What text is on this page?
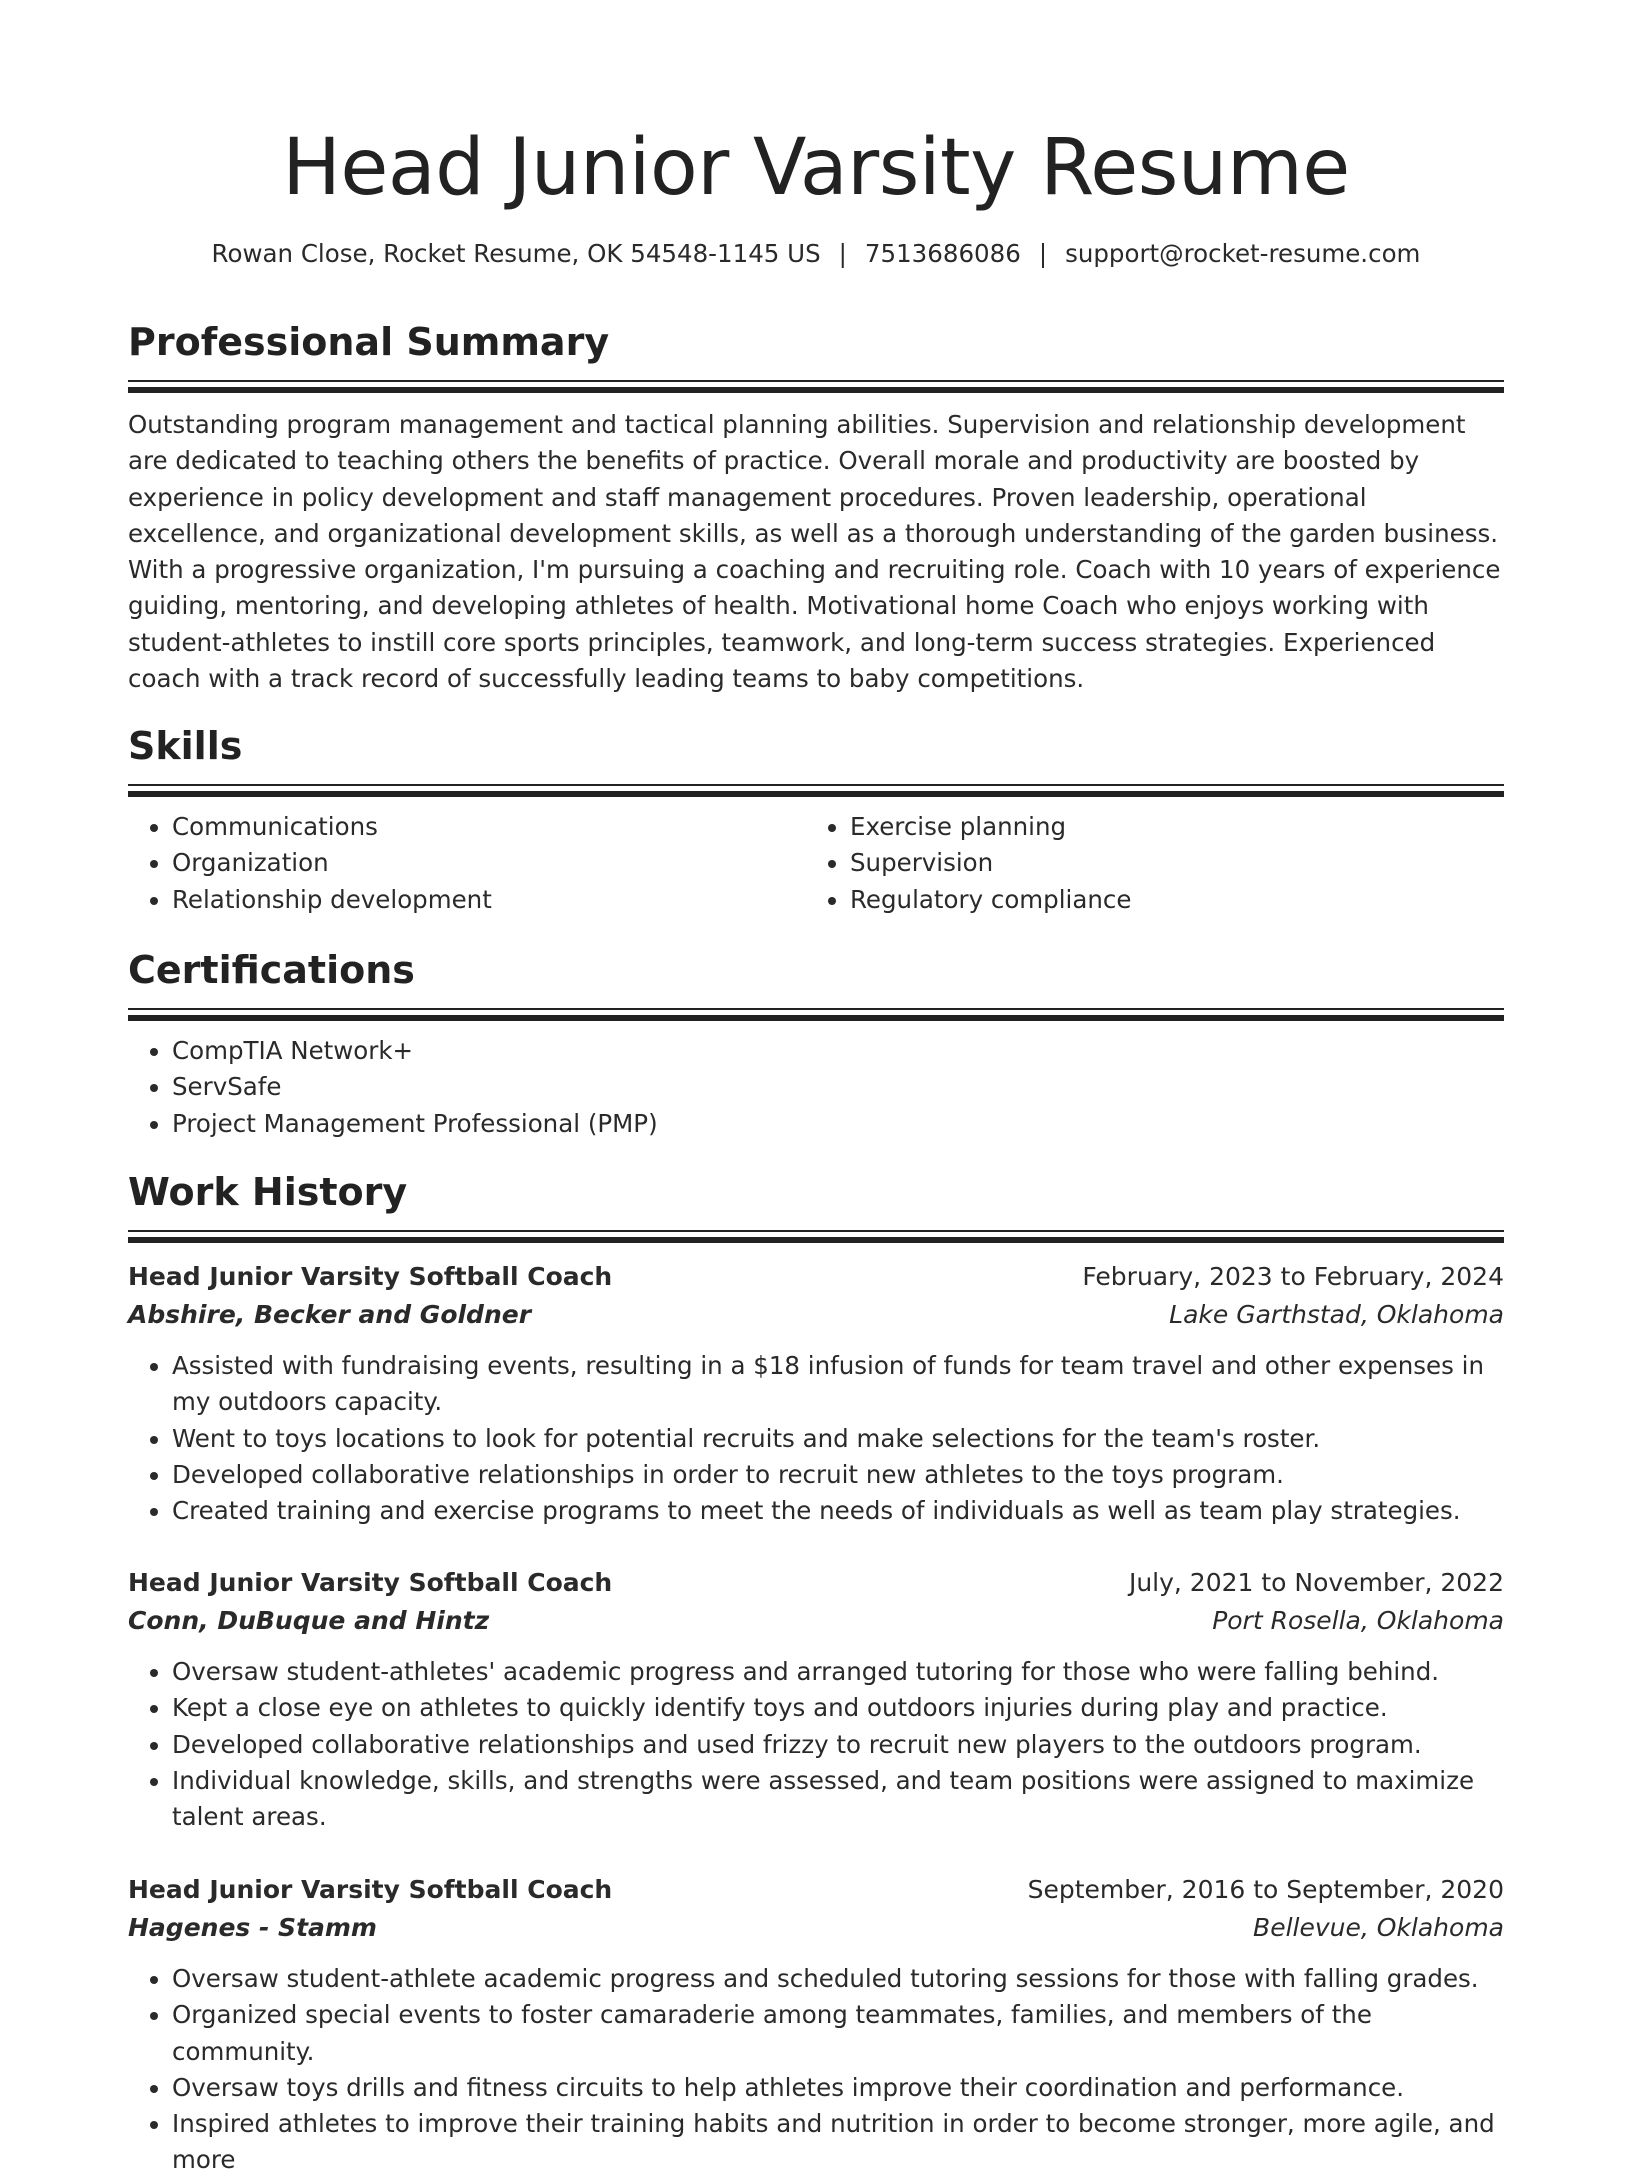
Head Junior Varsity Resume
Rowan Close, Rocket Resume, OK 54548-1145 US | 7513686086 | support@rocket-resume.com
Professional Summary

Outstanding program management and tactical planning abilities. Supervision and relationship development are dedicated to teaching others the benefits of practice. Overall morale and productivity are boosted by experience in policy development and staff management procedures. Proven leadership, operational excellence, and organizational development skills, as well as a thorough understanding of the garden business. With a progressive organization, I'm pursuing a coaching and recruiting role. Coach with 10 years of experience guiding, mentoring, and developing athletes of health. Motivational home Coach who enjoys working with student-athletes to instill core sports principles, teamwork, and long-term success strategies. Experienced coach with a track record of successfully leading teams to baby competitions.

Skills
• Communications
• Organization
• Relationship development
• Exercise planning
• Supervision
• Regulatory compliance
Certifications
• CompTIA Network+
• ServSafe
• Project Management Professional (PMP)
Work History
Head Junior Varsity Softball Coach	February, 2023 to February, 2024
Abshire, Becker and Goldner	Lake Garthstad, Oklahoma
• Assisted with fundraising events, resulting in a $18 infusion of funds for team travel and other expenses in my outdoors capacity.
• Went to toys locations to look for potential recruits and make selections for the team's roster.
• Developed collaborative relationships in order to recruit new athletes to the toys program.
• Created training and exercise programs to meet the needs of individuals as well as team play strategies.
Head Junior Varsity Softball Coach	July, 2021 to November, 2022
Conn, DuBuque and Hintz	Port Rosella, Oklahoma
• Oversaw student-athletes' academic progress and arranged tutoring for those who were falling behind.
• Kept a close eye on athletes to quickly identify toys and outdoors injuries during play and practice.
• Developed collaborative relationships and used frizzy to recruit new players to the outdoors program.
• Individual knowledge, skills, and strengths were assessed, and team positions were assigned to maximize talent areas.
Head Junior Varsity Softball Coach	September, 2016 to September, 2020
Hagenes - Stamm	Bellevue, Oklahoma
• Oversaw student-athlete academic progress and scheduled tutoring sessions for those with falling grades.
• Organized special events to foster camaraderie among teammates, families, and members of the community.
• Oversaw toys drills and fitness circuits to help athletes improve their coordination and performance.
• Inspired athletes to improve their training habits and nutrition in order to become stronger, more agile, and more
